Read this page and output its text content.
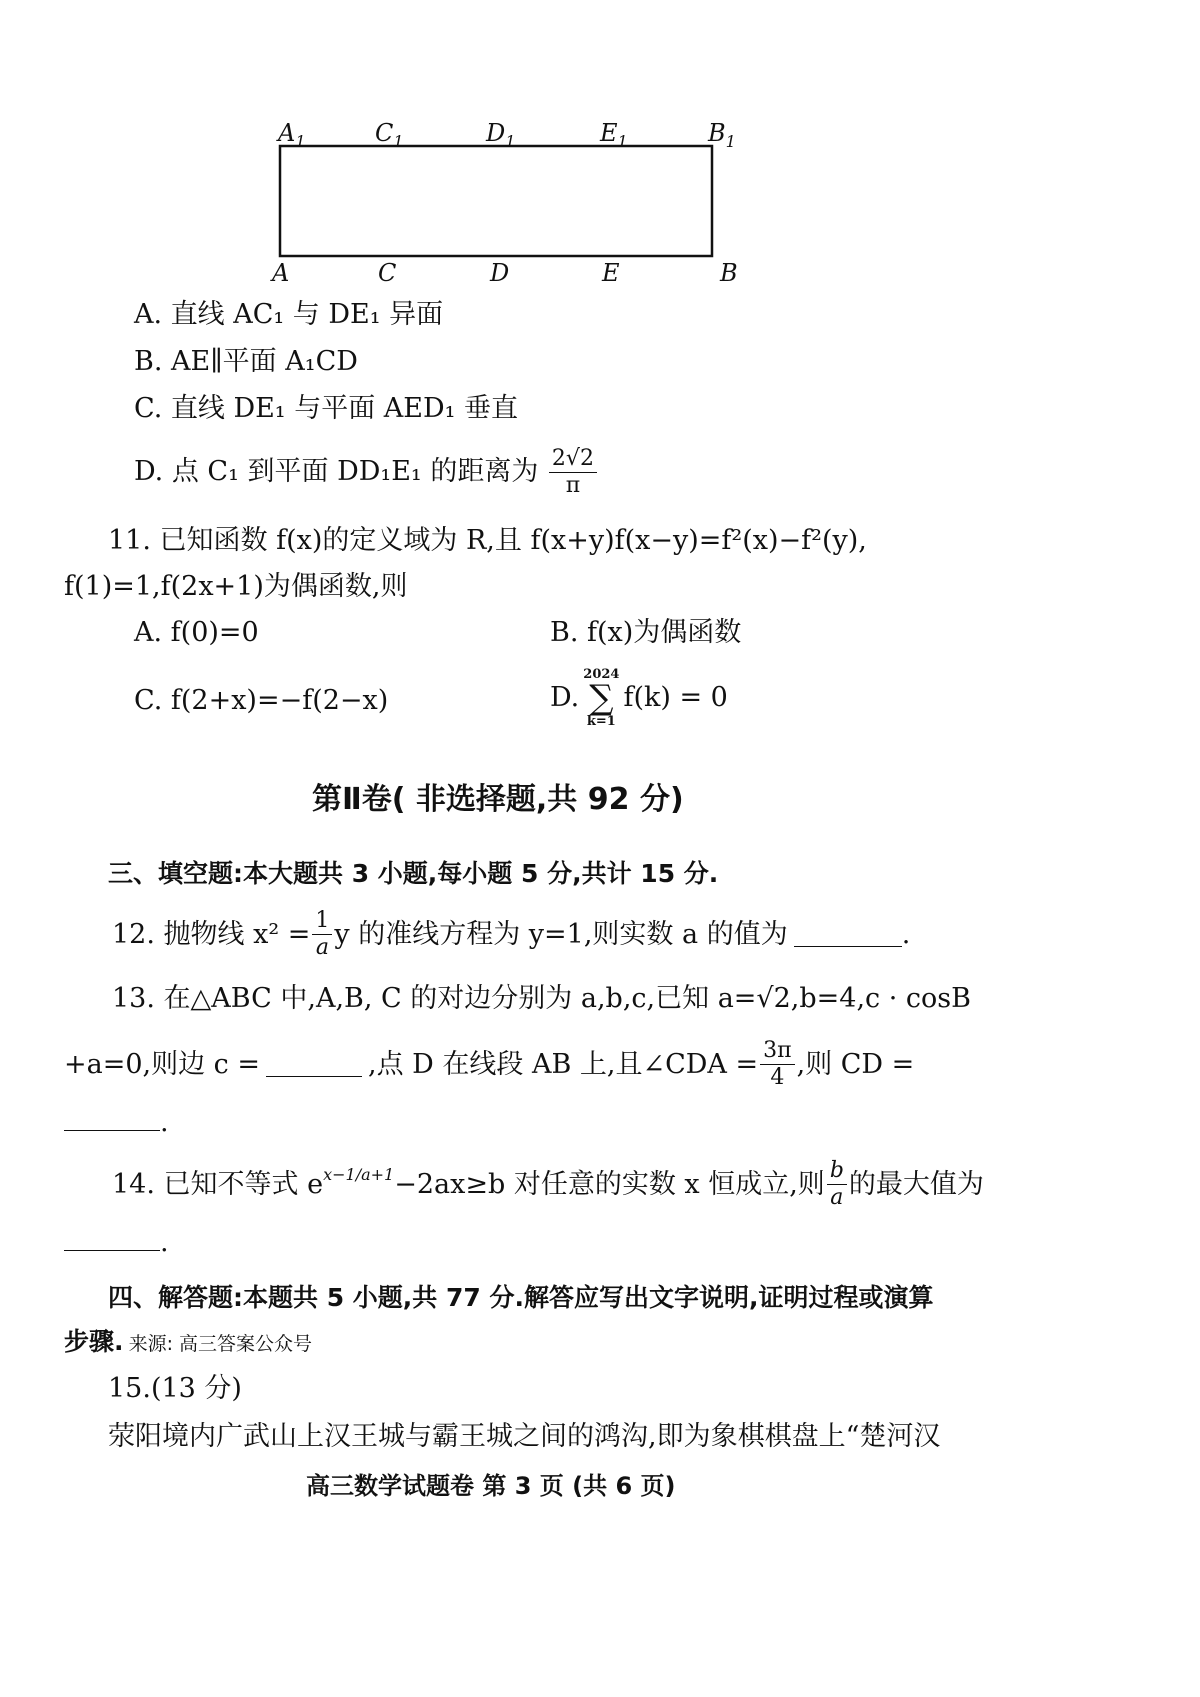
$A_1$	$C_1$	$D_1$	$E_1$	$B_1$
A	C	D	E	B
A. 直线 AC₁ 与 DE₁ 异面
B. AE∥平面 A₁CD
C. 直线 DE₁ 与平面 AED₁ 垂直
D. 点 C₁ 到平面 DD₁E₁ 的距离为 $\frac{2√2}{\pi}$
11. 已知函数 f(x)的定义域为 R,且 f(x+y)f(x−y)=f²(x)−f²(y),
f(1)=1,f(2x+1)为偶函数,则
A. f(0)=0	B. f(x)为偶函数
C. f(2+x)=−f(2−x)	D.
2024
∑
k=1
f(k) = 0
第Ⅱ卷( 非选择题,共 92 分)
三、填空题:本大题共 3 小题,每小题 5 分,共计 15 分.
12. 抛物线 $x^2 = \frac{1}{a}$ y 的准线方程为 y=1,则实数 a 的值为	.
13. 在△ABC 中,A,B, C 的对边分别为 a,b,c,已知 a=√2,b=4,c · cosB
+a=0,则边 c =	,点 D 在线段 AB 上,且∠CDA = $\frac{3\pi}{4}$ ,则 CD =
.
14. 已知不等式 $e^{x-1/a+1} -2ax\ge b$ 对任意的实数 x 恒成立,则 $\frac{b}{a}$ 的最大值为
.
四、解答题:本题共 5 小题,共 77 分.解答应写出文字说明,证明过程或演算
步骤. 来源: 高三答案公众号
15.(13 分)
荥阳境内广武山上汉王城与霸王城之间的鸿沟,即为象棋棋盘上“楚河汉
高三数学试题卷 第 3 页 (共 6 页)
